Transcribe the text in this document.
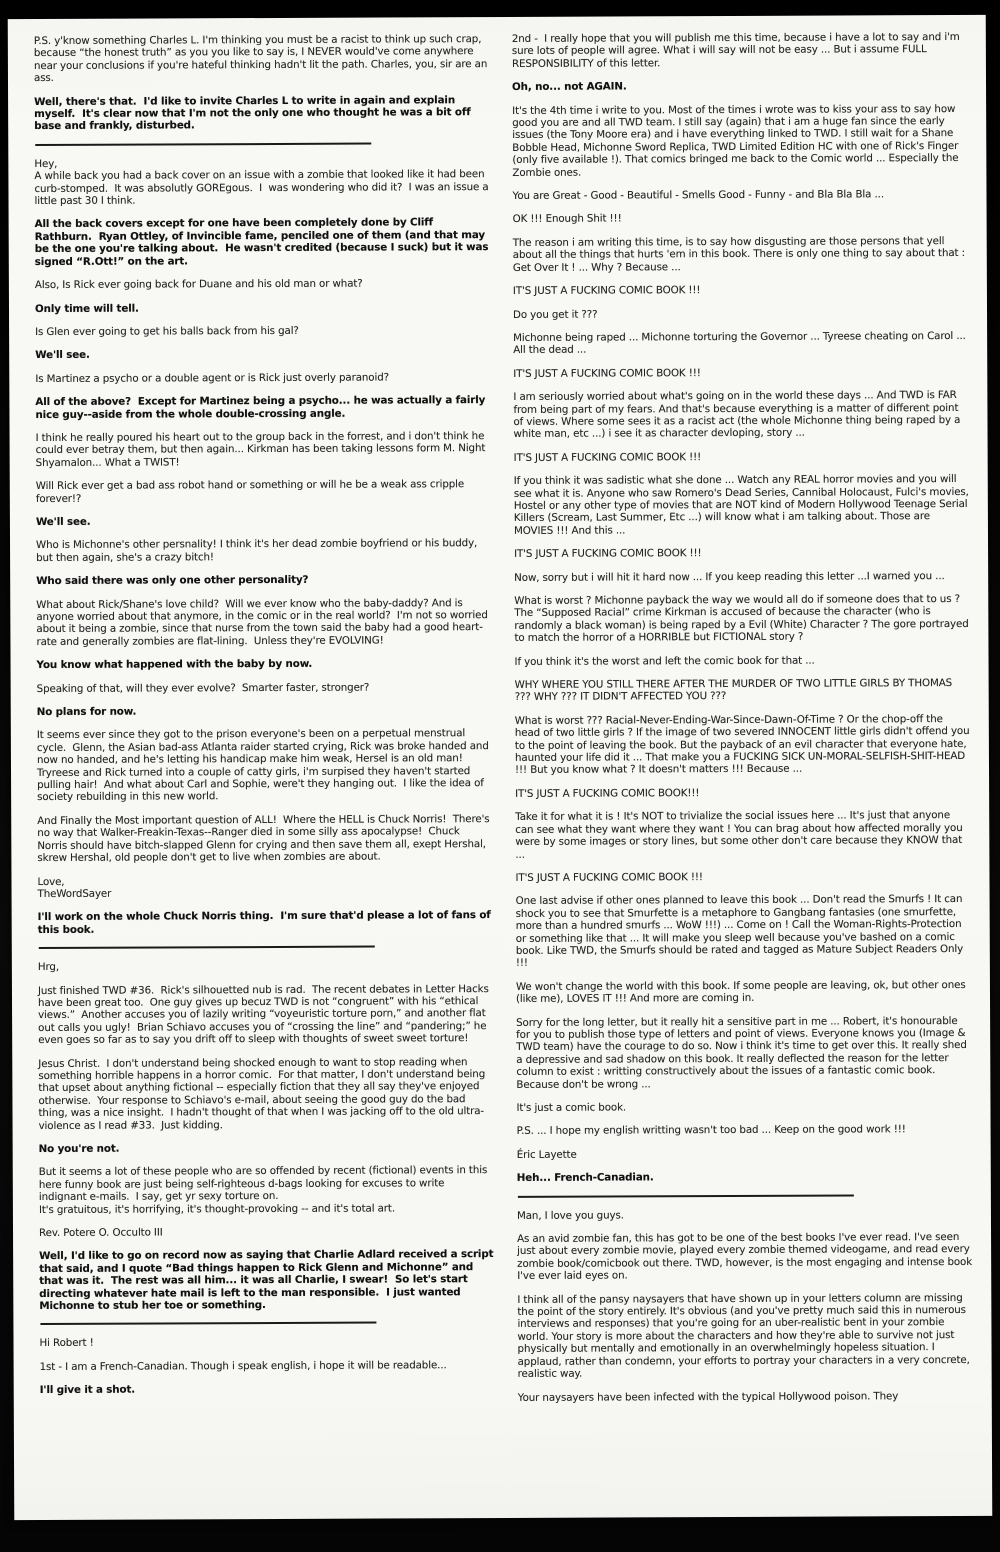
P.S. y'know something Charles L. I'm thinking you must be a racist to think up such crap, because “the honest truth” as you you like to say is, I NEVER would've come anywhere near your conclusions if you're hateful thinking hadn't lit the path. Charles, you, sir are an ass.

Well, there's that.  I'd like to invite Charles L to write in again and explain myself.  It's clear now that I'm not the only one who thought he was a bit off base and frankly, disturbed.

Hey,
A while back you had a back cover on an issue with a zombie that looked like it had been curb-stomped.  It was absolutly GOREgous.  I  was wondering who did it?  I was an issue a little past 30 I think.

All the back covers except for one have been completely done by Cliff Rathburn.  Ryan Ottley, of Invincible fame, penciled one of them (and that may be the one you're talking about.  He wasn't credited (because I suck) but it was signed “R.Ott!” on the art.

Also, Is Rick ever going back for Duane and his old man or what?

Only time will tell.

Is Glen ever going to get his balls back from his gal?

We'll see.

Is Martinez a psycho or a double agent or is Rick just overly paranoid?

All of the above?  Except for Martinez being a psycho... he was actually a fairly nice guy--aside from the whole double-crossing angle.

I think he really poured his heart out to the group back in the forrest, and i don't think he could ever betray them, but then again... Kirkman has been taking lessons form M. Night Shyamalon... What a TWIST!

Will Rick ever get a bad ass robot hand or something or will he be a weak ass cripple forever!?

We'll see.

Who is Michonne's other persnality! I think it's her dead zombie boyfriend or his buddy, but then again, she's a crazy bitch!

Who said there was only one other personality?

What about Rick/Shane's love child?  Will we ever know who the baby-daddy? And is anyone worried about that anymore, in the comic or in the real world?  I'm not so worried about it being a zombie, since that nurse from the town said the baby had a good heart-rate and generally zombies are flat-lining.  Unless they're EVOLVING!

You know what happened with the baby by now.

Speaking of that, will they ever evolve?  Smarter faster, stronger?

No plans for now.

It seems ever since they got to the prison everyone's been on a perpetual menstrual cycle.  Glenn, the Asian bad-ass Atlanta raider started crying, Rick was broke handed and now no handed, and he's letting his handicap make him weak, Hersel is an old man!  Tryreese and Rick turned into a couple of catty girls, i'm surpised they haven't started pulling hair!  And what about Carl and Sophie, were't they hanging out.  I like the idea of society rebuilding in this new world.

And Finally the Most important question of ALL!  Where the HELL is Chuck Norris!  There's no way that Walker-Freakin-Texas--Ranger died in some silly ass apocalypse!  Chuck Norris should have bitch-slapped Glenn for crying and then save them all, exept Hershal, skrew Hershal, old people don't get to live when zombies are about.

Love,
TheWordSayer

I'll work on the whole Chuck Norris thing.  I'm sure that'd please a lot of fans of this book.

Hrg,

Just finished TWD #36.  Rick's silhouetted nub is rad.  The recent debates in Letter Hacks have been great too.  One guy gives up becuz TWD is not “congruent” with his “ethical views.”  Another accuses you of lazily writing “voyeuristic torture porn,” and another flat out calls you ugly!  Brian Schiavo accuses you of “crossing the line” and “pandering;” he even goes so far as to say you drift off to sleep with thoughts of sweet sweet torture!

Jesus Christ.  I don't understand being shocked enough to want to stop reading when something horrible happens in a horror comic.  For that matter, I don't understand being that upset about anything fictional -- especially fiction that they all say they've enjoyed otherwise.  Your response to Schiavo's e-mail, about seeing the good guy do the bad thing, was a nice insight.  I hadn't thought of that when I was jacking off to the old ultra-violence as I read #33.  Just kidding.

No you're not.

But it seems a lot of these people who are so offended by recent (fictional) events in this here funny book are just being self-righteous d-bags looking for excuses to write indignant e-mails.  I say, get yr sexy torture on.
It's gratuitous, it's horrifying, it's thought-provoking -- and it's total art.

Rev. Potere O. Occulto III

Well, I'd like to go on record now as saying that Charlie Adlard received a script that said, and I quote “Bad things happen to Rick Glenn and Michonne” and that was it.  The rest was all him... it was all Charlie, I swear!  So let's start directing whatever hate mail is left to the man responsible.  I just wanted Michonne to stub her toe or something.

Hi Robert !

1st - I am a French-Canadian. Though i speak english, i hope it will be readable...

I'll give it a shot.

2nd -  I really hope that you will publish me this time, because i have a lot to say and i'm sure lots of people will agree. What i will say will not be easy ... But i assume FULL RESPONSIBILITY of this letter.

Oh, no... not AGAIN.

It's the 4th time i write to you. Most of the times i wrote was to kiss your ass to say how good you are and all TWD team. I still say (again) that i am a huge fan since the early issues (the Tony Moore era) and i have everything linked to TWD. I still wait for a Shane Bobble Head, Michonne Sword Replica, TWD Limited Edition HC with one of Rick's Finger (only five available !). That comics bringed me back to the Comic world ... Especially the Zombie ones.

You are Great - Good - Beautiful - Smells Good - Funny - and Bla Bla Bla ...

OK !!! Enough Shit !!!

The reason i am writing this time, is to say how disgusting are those persons that yell about all the things that hurts 'em in this book. There is only one thing to say about that : Get Over It ! ... Why ? Because ...

IT'S JUST A FUCKING COMIC BOOK !!!

Do you get it ???

Michonne being raped ... Michonne torturing the Governor ... Tyreese cheating on Carol ... All the dead ...

IT'S JUST A FUCKING COMIC BOOK !!!

I am seriously worried about what's going on in the world these days ... And TWD is FAR from being part of my fears. And that's because everything is a matter of different point of views. Where some sees it as a racist act (the whole Michonne thing being raped by a white man, etc ...) i see it as character devloping, story ...

IT'S JUST A FUCKING COMIC BOOK !!!

If you think it was sadistic what she done ... Watch any REAL horror movies and you will see what it is. Anyone who saw Romero's Dead Series, Cannibal Holocaust, Fulci's movies, Hostel or any other type of movies that are NOT kind of Modern Hollywood Teenage Serial Killers (Scream, Last Summer, Etc ...) will know what i am talking about. Those are MOVIES !!! And this ...

IT'S JUST A FUCKING COMIC BOOK !!!

Now, sorry but i will hit it hard now ... If you keep reading this letter ...I warned you ...

What is worst ? Michonne payback the way we would all do if someone does that to us ? The “Supposed Racial” crime Kirkman is accused of because the character (who is randomly a black woman) is being raped by a Evil (White) Character ? The gore portrayed to match the horror of a HORRIBLE but FICTIONAL story ?

If you think it's the worst and left the comic book for that ...

WHY WHERE YOU STILL THERE AFTER THE MURDER OF TWO LITTLE GIRLS BY THOMAS ??? WHY ??? IT DIDN'T AFFECTED YOU ???

What is worst ??? Racial-Never-Ending-War-Since-Dawn-Of-Time ? Or the chop-off the head of two little girls ? If the image of two severed INNOCENT little girls didn't offend you to the point of leaving the book. But the payback of an evil character that everyone hate, haunted your life did it ... That make you a FUCKING SICK UN-MORAL-SELFISH-SHIT-HEAD !!! But you know what ? It doesn't matters !!! Because ...

IT'S JUST A FUCKING COMIC BOOK!!!

Take it for what it is ! It's NOT to trivialize the social issues here ... It's just that anyone can see what they want where they want ! You can brag about how affected morally you were by some images or story lines, but some other don't care because they KNOW that ...

IT'S JUST A FUCKING COMIC BOOK !!!

One last advise if other ones planned to leave this book ... Don't read the Smurfs ! It can shock you to see that Smurfette is a metaphore to Gangbang fantasies (one smurfette, more than a hundred smurfs ... WoW !!!) ... Come on ! Call the Woman-Rights-Protection or something like that ... It will make you sleep well because you've bashed on a comic book. Like TWD, the Smurfs should be rated and tagged as Mature Subject Readers Only !!!

We won't change the world with this book. If some people are leaving, ok, but other ones (like me), LOVES IT !!! And more are coming in.

Sorry for the long letter, but it really hit a sensitive part in me ... Robert, it's honourable for you to publish those type of letters and point of views. Everyone knows you (Image & TWD team) have the courage to do so. Now i think it's time to get over this. It really shed a depressive and sad shadow on this book. It really deflected the reason for the letter column to exist : writting constructively about the issues of a fantastic comic book. Because don't be wrong ...

It's just a comic book.

P.S. ... I hope my english writting wasn't too bad ... Keep on the good work !!!

Éric Layette

Heh... French-Canadian.

Man, I love you guys.

As an avid zombie fan, this has got to be one of the best books I've ever read. I've seen just about every zombie movie, played every zombie themed videogame, and read every zombie book/comicbook out there. TWD, however, is the most engaging and intense book I've ever laid eyes on.

I think all of the pansy naysayers that have shown up in your letters column are missing the point of the story entirely. It's obvious (and you've pretty much said this in numerous interviews and responses) that you're going for an uber-realistic bent in your zombie world. Your story is more about the characters and how they're able to survive not just physically but mentally and emotionally in an overwhelmingly hopeless situation. I applaud, rather than condemn, your efforts to portray your characters in a very concrete, realistic way.

Your naysayers have been infected with the typical Hollywood poison. They
